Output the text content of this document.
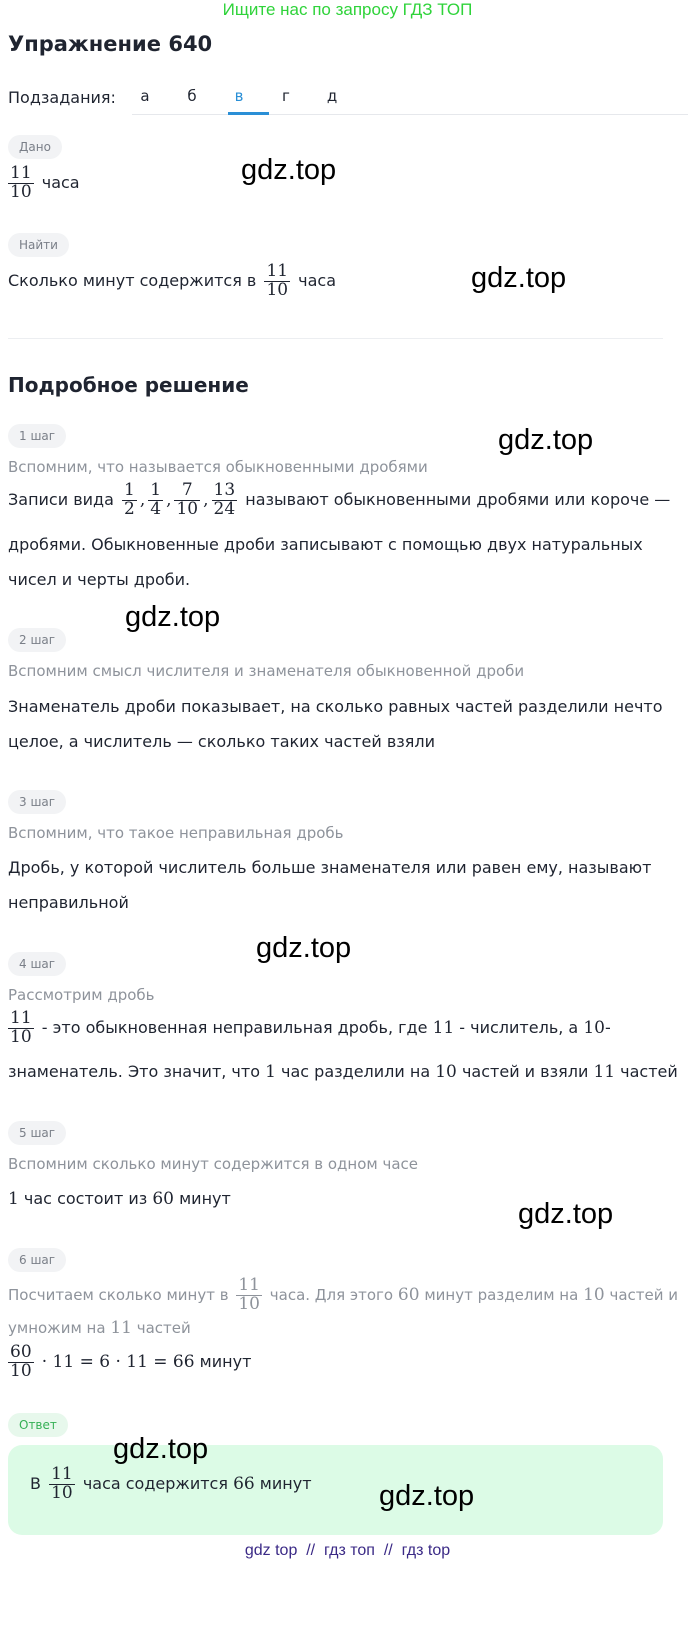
Ищите нас по запросу ГДЗ ТОП
Упражнение 640
Подзадания:	а	б	в	г	д
Дано
$\frac{11}{10}$ часа
Найти
Сколько минут содержится в $\frac{11}{10}$ часа
Подробное решение
1 шаг
Вспомним, что называется обыкновенными дробями
Записи вида $\frac{1}{2}$ , $\frac{1}{4}$ , $\frac{7}{10}$ , $\frac{13}{24}$ называют обыкновенными дробями или короче —
дробями. Обыкновенные дроби записывают с помощью двух натуральных
чисел и черты дроби.
2 шаг
Вспомним смысл числителя и знаменателя обыкновенной дроби
Знаменатель дроби показывает, на сколько равных частей разделили нечто
целое, а числитель — сколько таких частей взяли
3 шаг
Вспомним, что такое неправильная дробь
Дробь, у которой числитель больше знаменателя или равен ему, называют
неправильной
4 шаг
Рассмотрим дробь
$\frac{11}{10}$ - это обыкновенная неправильная дробь, где 11 - числитель, а 10-
знаменатель. Это значит, что 1 час разделили на 10 частей и взяли 11 частей
5 шаг
Вспомним сколько минут содержится в одном часе
1 час состоит из 60 минут
6 шаг
Посчитаем сколько минут в $\frac{11}{10}$ часа. Для этого 60 минут разделим на 10 частей и
умножим на 11 частей
$\frac{60}{10} \cdot 11 = 6 \cdot 11 = 66$ минут
Ответ
В $\frac{11}{10}$ часа содержится 66 минут
gdz.top
gdz.top
gdz.top
gdz.top
gdz.top
gdz.top
gdz.top
gdz.top
gdz top // гдз топ // гдз top
